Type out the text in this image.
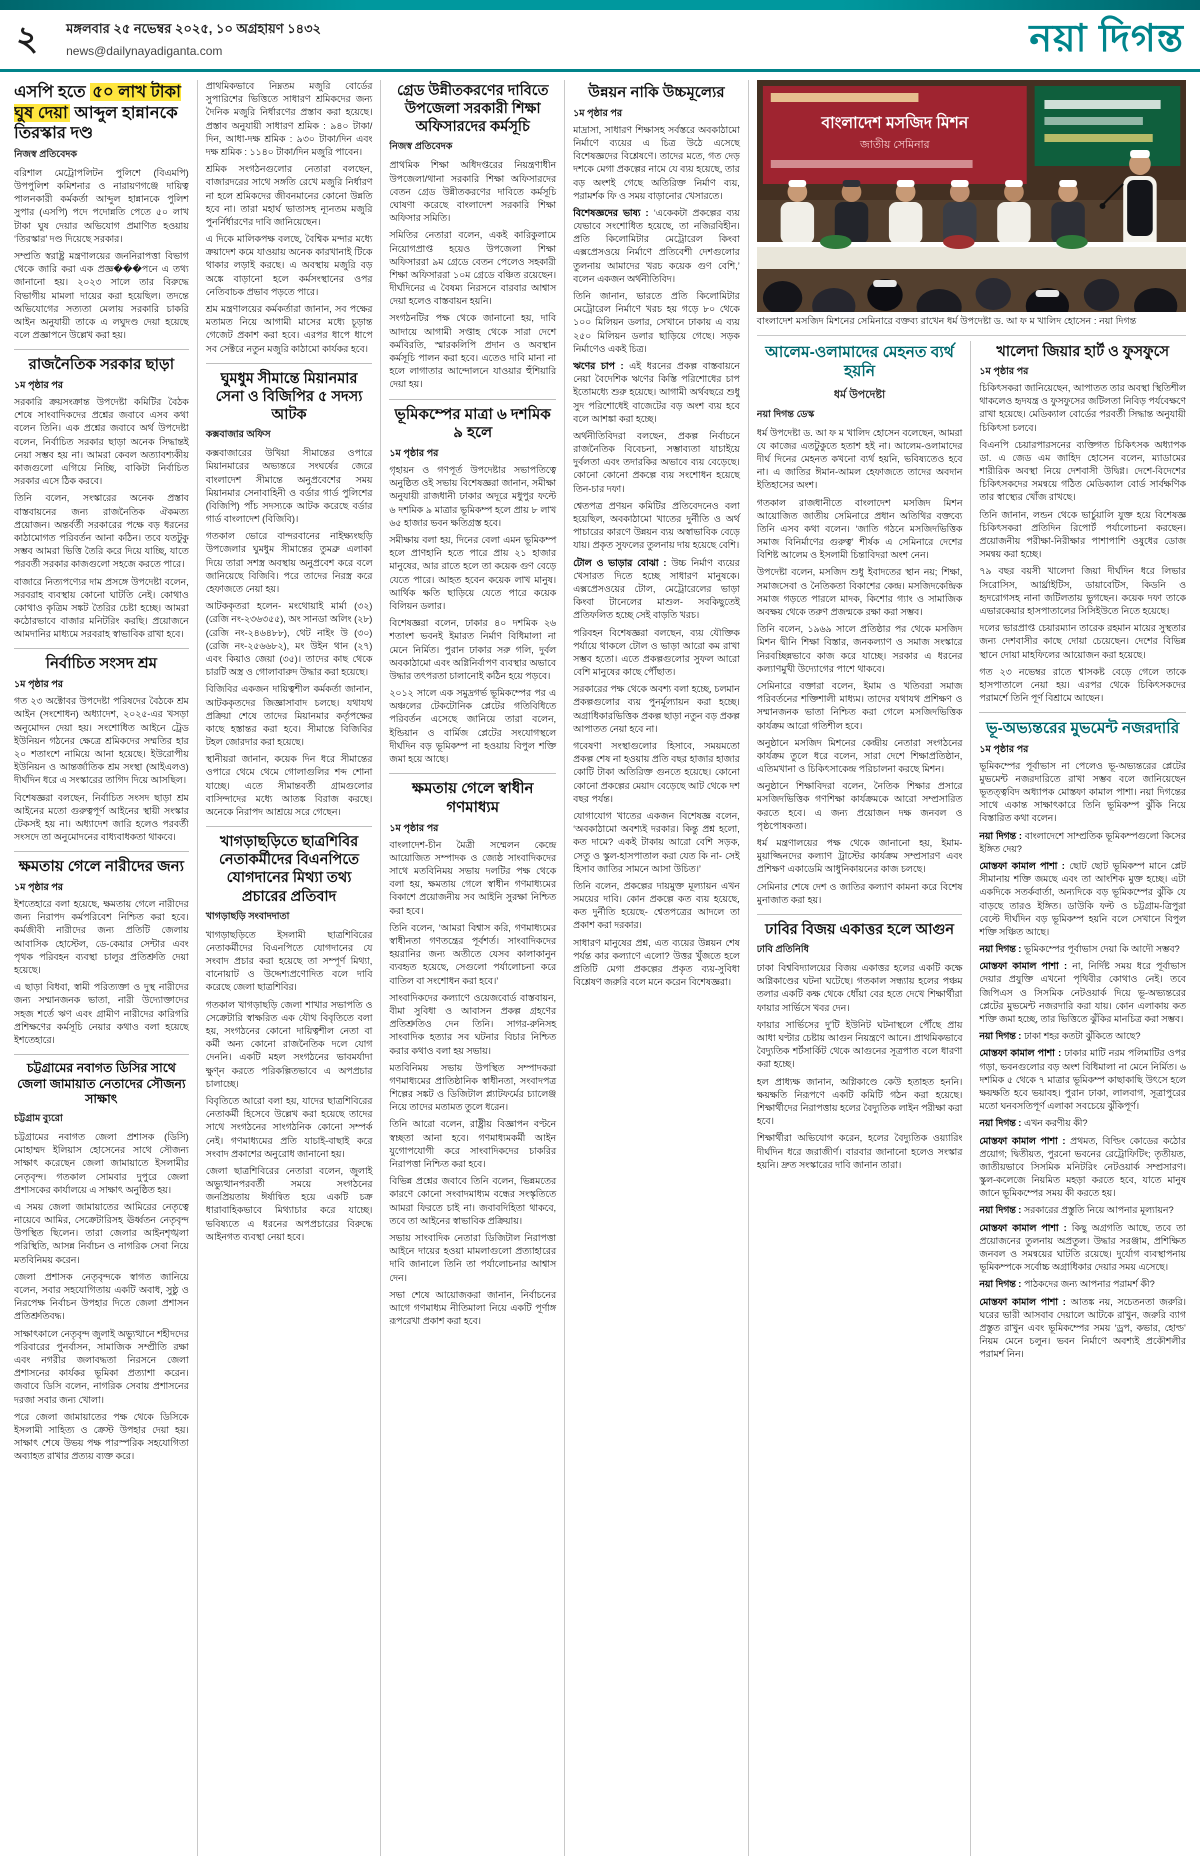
২ মঙ্গলবার ২৫ নভেম্বর ২০২৫, ১০ অগ্রহায়ণ ১৪৩২
news@dailynayadiganta.com	নয়া দিগন্ত
এসপি হতে ৫০ লাখ টাকা ঘুষ দেয়া আব্দুল হান্নানকে তিরস্কার দণ্ড
নিজস্ব প্রতিবেদক

বরিশাল মেট্রোপলিটন পুলিশে (বিএমপি) উপপুলিশ কমিশনার ও নারায়ণগঞ্জে দায়িত্ব পালনকারী কর্মকর্তা আব্দুল হান্নানকে পুলিশ সুপার (এসপি) পদে পদোন্নতি পেতে ৫০ লাখ টাকা ঘুষ দেয়ার অভিযোগ প্রমাণিত হওয়ায় ‘তিরস্কার’ দণ্ড দিয়েছে সরকার।

সম্প্রতি স্বরাষ্ট্র মন্ত্রণালয়ের জননিরাপত্তা বিভাগ থেকে জারি করা এক প্রজ্ঞ���পনে এ তথ্য জানানো হয়। ২০২৩ সালে তার বিরুদ্ধে বিভাগীয় মামলা দায়ের করা হয়েছিল। তদন্তে অভিযোগের সত্যতা মেলায় সরকারি চাকরি আইন অনুযায়ী তাকে এ লঘুদণ্ড দেয়া হয়েছে বলে প্রজ্ঞাপনে উল্লেখ করা হয়।

রাজনৈতিক সরকার ছাড়া
১ম পৃষ্ঠার পর

সরকারি ক্রয়সংক্রান্ত উপদেষ্টা কমিটির বৈঠক শেষে সাংবাদিকদের প্রশ্নের জবাবে এসব কথা বলেন তিনি। এক প্রশ্নের জবাবে অর্থ উপদেষ্টা বলেন, নির্বাচিত সরকার ছাড়া অনেক সিদ্ধান্তই নেয়া সম্ভব হয় না। আমরা কেবল অত্যাবশ্যকীয় কাজগুলো এগিয়ে নিচ্ছি, বাকিটা নির্বাচিত সরকার এসে ঠিক করবে।

তিনি বলেন, সংস্কারের অনেক প্রস্তাব বাস্তবায়নের জন্য রাজনৈতিক ঐকমত্য প্রয়োজন। অন্তর্বর্তী সরকারের পক্ষে বড় ধরনের কাঠামোগত পরিবর্তন আনা কঠিন। তবে যতটুকু সম্ভব আমরা ভিত্তি তৈরি করে দিয়ে যাচ্ছি, যাতে পরবর্তী সরকার কাজগুলো সহজে করতে পারে।

বাজারে নিত্যপণ্যের দাম প্রসঙ্গে উপদেষ্টা বলেন, সরবরাহ ব্যবস্থায় কোনো ঘাটতি নেই। কোথাও কোথাও কৃত্রিম সঙ্কট তৈরির চেষ্টা হচ্ছে। আমরা কঠোরভাবে বাজার মনিটরিং করছি। প্রয়োজনে আমদানির মাধ্যমে সরবরাহ স্বাভাবিক রাখা হবে।

নির্বাচিত সংসদ শ্রম
১ম পৃষ্ঠার পর

গত ২৩ অক্টোবর উপদেষ্টা পরিষদের বৈঠকে শ্রম আইন (সংশোধন) অধ্যাদেশ, ২০২৫-এর খসড়া অনুমোদন দেয়া হয়। সংশোধিত আইনে ট্রেড ইউনিয়ন গঠনের ক্ষেত্রে শ্রমিকদের সম্মতির হার ২০ শতাংশে নামিয়ে আনা হয়েছে। ইউরোপীয় ইউনিয়ন ও আন্তর্জাতিক শ্রম সংস্থা (আইএলও) দীর্ঘদিন ধরে এ সংস্কারের তাগিদ দিয়ে আসছিল।

বিশেষজ্ঞরা বলছেন, নির্বাচিত সংসদ ছাড়া শ্রম আইনের মতো গুরুত্বপূর্ণ আইনের স্থায়ী সংস্কার টেকসই হয় না। অধ্যাদেশ জারি হলেও পরবর্তী সংসদে তা অনুমোদনের বাধ্যবাধকতা থাকবে।

ক্ষমতায় গেলে নারীদের জন্য
১ম পৃষ্ঠার পর

ইশতেহারে বলা হয়েছে, ক্ষমতায় গেলে নারীদের জন্য নিরাপদ কর্মপরিবেশ নিশ্চিত করা হবে। কর্মজীবী নারীদের জন্য প্রতিটি জেলায় আবাসিক হোস্টেল, ডে-কেয়ার সেন্টার এবং পৃথক পরিবহন ব্যবস্থা চালুর প্রতিশ্রুতি দেয়া হয়েছে।

এ ছাড়া বিধবা, স্বামী পরিত্যক্তা ও দুস্থ নারীদের জন্য সম্মানজনক ভাতা, নারী উদ্যোক্তাদের সহজ শর্তে ঋণ এবং গ্রামীণ নারীদের কারিগরি প্রশিক্ষণের কর্মসূচি নেয়ার কথাও বলা হয়েছে ইশতেহারে।

চট্টগ্রামের নবাগত ডিসির সাথে জেলা জামায়াত নেতাদের সৌজন্য সাক্ষাৎ
চট্টগ্রাম ব্যুরো

চট্টগ্রামের নবাগত জেলা প্রশাসক (ডিসি) মোহাম্মদ ইলিয়াস হোসেনের সাথে সৌজন্য সাক্ষাৎ করেছেন জেলা জামায়াতে ইসলামীর নেতৃবৃন্দ। গতকাল সোমবার দুপুরে জেলা প্রশাসকের কার্যালয়ে এ সাক্ষাৎ অনুষ্ঠিত হয়।

এ সময় জেলা জামায়াতের আমিরের নেতৃত্বে নায়েবে আমির, সেক্রেটারিসহ ঊর্ধ্বতন নেতৃবৃন্দ উপস্থিত ছিলেন। তারা জেলার আইনশৃঙ্খলা পরিস্থিতি, আসন্ন নির্বাচন ও নাগরিক সেবা নিয়ে মতবিনিময় করেন।

জেলা প্রশাসক নেতৃবৃন্দকে স্বাগত জানিয়ে বলেন, সবার সহযোগিতায় একটি অবাধ, সুষ্ঠু ও নিরপেক্ষ নির্বাচন উপহার দিতে জেলা প্রশাসন প্রতিশ্রুতিবদ্ধ।

সাক্ষাৎকালে নেতৃবৃন্দ জুলাই অভ্যুত্থানে শহীদদের পরিবারের পুনর্বাসন, সামাজিক সম্প্রীতি রক্ষা এবং নগরীর জলাবদ্ধতা নিরসনে জেলা প্রশাসনের কার্যকর ভূমিকা প্রত্যাশা করেন। জবাবে ডিসি বলেন, নাগরিক সেবায় প্রশাসনের দরজা সবার জন্য খোলা।

পরে জেলা জামায়াতের পক্ষ থেকে ডিসিকে ইসলামী সাহিত্য ও ক্রেস্ট উপহার দেয়া হয়। সাক্ষাৎ শেষে উভয় পক্ষ পারস্পরিক সহযোগিতা অব্যাহত রাখার প্রত্যয় ব্যক্ত করে।

প্রাথমিকভাবে নিম্নতম মজুরি বোর্ডের সুপারিশের ভিত্তিতে সাধারণ শ্রমিকদের জন্য দৈনিক মজুরি নির্ধারণের প্রস্তাব করা হয়েছে। প্রস্তাব অনুযায়ী সাধারণ শ্রমিক : ৯৪০ টাকা/দিন, আধা-দক্ষ শ্রমিক : ৯৩০ টাকা/দিন এবং দক্ষ শ্রমিক : ১১৪০ টাকা/দিন মজুরি পাবেন।

শ্রমিক সংগঠনগুলোর নেতারা বলছেন, বাজারদরের সাথে সঙ্গতি রেখে মজুরি নির্ধারণ না হলে শ্রমিকদের জীবনমানের কোনো উন্নতি হবে না। তারা মহার্ঘ ভাতাসহ ন্যূনতম মজুরি পুনর্নির্ধারণের দাবি জানিয়েছেন।

এ দিকে মালিকপক্ষ বলছে, বৈশ্বিক মন্দার মধ্যে ক্রয়াদেশ কমে যাওয়ায় অনেক কারখানাই টিকে থাকার লড়াই করছে। এ অবস্থায় মজুরি বড় অঙ্কে বাড়ানো হলে কর্মসংস্থানের ওপর নেতিবাচক প্রভাব পড়তে পারে।

শ্রম মন্ত্রণালয়ের কর্মকর্তারা জানান, সব পক্ষের মতামত নিয়ে আগামী মাসের মধ্যে চূড়ান্ত গেজেট প্রকাশ করা হবে। এরপর ধাপে ধাপে সব সেক্টরে নতুন মজুরি কাঠামো কার্যকর হবে।

ঘুমধুম সীমান্তে মিয়ানমার সেনা ও বিজিপির ৫ সদস্য আটক
কক্সবাজার অফিস

কক্সবাজারের উখিয়া সীমান্তের ওপারে মিয়ানমারের অভ্যন্তরে সংঘর্ষের জেরে বাংলাদেশ সীমান্তে অনুপ্রবেশের সময় মিয়ানমার সেনাবাহিনী ও বর্ডার গার্ড পুলিশের (বিজিপি) পাঁচ সদস্যকে আটক করেছে বর্ডার গার্ড বাংলাদেশ (বিজিবি)।

গতকাল ভোরে বান্দরবানের নাইক্ষ্যংছড়ি উপজেলার ঘুমধুম সীমান্তের তুমব্রু এলাকা দিয়ে তারা সশস্ত্র অবস্থায় অনুপ্রবেশ করে বলে জানিয়েছে বিজিবি। পরে তাদের নিরস্ত্র করে হেফাজতে নেয়া হয়।

আটককৃতরা হলেন- মংথোয়াই মার্মা (৩২) (রেজি নং-২৩৬৩৫৫), অং সানডা অলিং (২৮) (রেজি নং-২৪৬৪৮৮), থেট নাইং উ (৩০) (রেজি নং-২৫৬৬৮২), মং উইন থান (২৭) এবং কিয়াও জেয়া (৩৫)। তাদের কাছ থেকে চারটি অস্ত্র ও গোলাবারুদ উদ্ধার করা হয়েছে।

বিজিবির একজন দায়িত্বশীল কর্মকর্তা জানান, আটককৃতদের জিজ্ঞাসাবাদ চলছে। যথাযথ প্রক্রিয়া শেষে তাদের মিয়ানমার কর্তৃপক্ষের কাছে হস্তান্তর করা হবে। সীমান্তে বিজিবির টহল জোরদার করা হয়েছে।

স্থানীয়রা জানান, কয়েক দিন ধরে সীমান্তের ওপারে থেমে থেমে গোলাগুলির শব্দ শোনা যাচ্ছে। এতে সীমান্তবর্তী গ্রামগুলোর বাসিন্দাদের মধ্যে আতঙ্ক বিরাজ করছে। অনেকে নিরাপদ আশ্রয়ে সরে গেছেন।

খাগড়াছড়িতে ছাত্রশিবির নেতাকর্মীদের বিএনপিতে যোগদানের মিথ্যা তথ্য প্রচারের প্রতিবাদ
খাগড়াছড়ি সংবাদদাতা

খাগড়াছড়িতে ইসলামী ছাত্রশিবিরের নেতাকর্মীদের বিএনপিতে যোগদানের যে সংবাদ প্রচার করা হয়েছে তা সম্পূর্ণ মিথ্যা, বানোয়াট ও উদ্দেশ্যপ্রণোদিত বলে দাবি করেছে জেলা ছাত্রশিবির।

গতকাল খাগড়াছড়ি জেলা শাখার সভাপতি ও সেক্রেটারি স্বাক্ষরিত এক যৌথ বিবৃতিতে বলা হয়, সংগঠনের কোনো দায়িত্বশীল নেতা বা কর্মী অন্য কোনো রাজনৈতিক দলে যোগ দেননি। একটি মহল সংগঠনের ভাবমর্যাদা ক্ষুণ্ন করতে পরিকল্পিতভাবে এ অপপ্রচার চালাচ্ছে।

বিবৃতিতে আরো বলা হয়, যাদের ছাত্রশিবিরের নেতাকর্মী হিসেবে উল্লেখ করা হয়েছে তাদের সাথে সংগঠনের সাংগঠনিক কোনো সম্পর্ক নেই। গণমাধ্যমের প্রতি যাচাই-বাছাই করে সংবাদ প্রকাশের অনুরোধ জানানো হয়।

জেলা ছাত্রশিবিরের নেতারা বলেন, জুলাই অভ্যুত্থানপরবর্তী সময়ে সংগঠনের জনপ্রিয়তায় ঈর্ষান্বিত হয়ে একটি চক্র ধারাবাহিকভাবে মিথ্যাচার করে যাচ্ছে। ভবিষ্যতে এ ধরনের অপপ্রচারের বিরুদ্ধে আইনগত ব্যবস্থা নেয়া হবে।

গ্রেড উন্নীতকরণের দাবিতে উপজেলা সরকারী শিক্ষা অফিসারদের কর্মসূচি
নিজস্ব প্রতিবেদক

প্রাথমিক শিক্ষা অধিদপ্তরের নিয়ন্ত্রণাধীন উপজেলা/থানা সরকারি শিক্ষা অফিসারদের বেতন গ্রেড উন্নীতকরণের দাবিতে কর্মসূচি ঘোষণা করেছে বাংলাদেশ সরকারি শিক্ষা অফিসার সমিতি।

সমিতির নেতারা বলেন, একই কারিকুলামে নিয়োগপ্রাপ্ত হয়েও উপজেলা শিক্ষা অফিসাররা ৯ম গ্রেডে বেতন পেলেও সহকারী শিক্ষা অফিসাররা ১০ম গ্রেডে বঞ্চিত রয়েছেন। দীর্ঘদিনের এ বৈষম্য নিরসনে বারবার আশ্বাস দেয়া হলেও বাস্তবায়ন হয়নি।

সংগঠনটির পক্ষ থেকে জানানো হয়, দাবি আদায়ে আগামী সপ্তাহ থেকে সারা দেশে কর্মবিরতি, স্মারকলিপি প্রদান ও অবস্থান কর্মসূচি পালন করা হবে। এতেও দাবি মানা না হলে লাগাতার আন্দোলনে যাওয়ার হুঁশিয়ারি দেয়া হয়।

ভূমিকম্পের মাত্রা ৬ দশমিক ৯ হলে
১ম পৃষ্ঠার পর

গৃহায়ন ও গণপূর্ত উপদেষ্টার সভাপতিত্বে অনুষ্ঠিত ওই সভায় বিশেষজ্ঞরা জানান, সমীক্ষা অনুযায়ী রাজধানী ঢাকার অদূরে মধুপুর ফল্টে ৬ দশমিক ৯ মাত্রার ভূমিকম্প হলে প্রায় ৮ লাখ ৬৫ হাজার ভবন ক্ষতিগ্রস্ত হবে।

সমীক্ষায় বলা হয়, দিনের বেলা এমন ভূমিকম্প হলে প্রাণহানি হতে পারে প্রায় ২১ হাজার মানুষের, আর রাতে হলে তা কয়েক গুণ বেড়ে যেতে পারে। আহত হবেন কয়েক লাখ মানুষ। আর্থিক ক্ষতি ছাড়িয়ে যেতে পারে কয়েক বিলিয়ন ডলার।

বিশেষজ্ঞরা বলেন, ঢাকার ৪০ দশমিক ২৬ শতাংশ ভবনই ইমারত নির্মাণ বিধিমালা না মেনে নির্মিত। পুরান ঢাকার সরু গলি, দুর্বল অবকাঠামো এবং অগ্নিনির্বাপণ ব্যবস্থার অভাবে উদ্ধার তৎপরতা চালানোই কঠিন হয়ে পড়বে।

২০১২ সালে এক সমুদ্রগর্ভ ভূমিকম্পের পর এ অঞ্চলের টেকটোনিক প্লেটের গতিবিধিতে পরিবর্তন এসেছে জানিয়ে তারা বলেন, ইন্ডিয়ান ও বার্মিজ প্লেটের সংযোগস্থলে দীর্ঘদিন বড় ভূমিকম্প না হওয়ায় বিপুল শক্তি জমা হয়ে আছে।

ক্ষমতায় গেলে স্বাধীন গণমাধ্যম
১ম পৃষ্ঠার পর

বাংলাদেশ-চীন মৈত্রী সম্মেলন কেন্দ্রে আয়োজিত সম্পাদক ও জ্যেষ্ঠ সাংবাদিকদের সাথে মতবিনিময় সভায় দলটির পক্ষ থেকে বলা হয়, ক্ষমতায় গেলে স্বাধীন গণমাধ্যমের বিকাশে প্রয়োজনীয় সব আইনি সুরক্ষা নিশ্চিত করা হবে।

তিনি বলেন, ‘আমরা বিশ্বাস করি, গণমাধ্যমের স্বাধীনতা গণতন্ত্রের পূর্বশর্ত। সাংবাদিকদের হয়রানির জন্য অতীতে যেসব কালাকানুন ব্যবহৃত হয়েছে, সেগুলো পর্যালোচনা করে বাতিল বা সংশোধন করা হবে।’

সাংবাদিকদের কল্যাণে ওয়েজবোর্ড বাস্তবায়ন, বীমা সুবিধা ও আবাসন প্রকল্প গ্রহণের প্রতিশ্রুতিও দেন তিনি। সাগর-রুনিসহ সাংবাদিক হত্যার সব ঘটনার বিচার নিশ্চিত করার কথাও বলা হয় সভায়।

মতবিনিময় সভায় উপস্থিত সম্পাদকরা গণমাধ্যমের প্রাতিষ্ঠানিক স্বাধীনতা, সংবাদপত্র শিল্পের সঙ্কট ও ডিজিটাল প্ল্যাটফর্মের চ্যালেঞ্জ নিয়ে তাদের মতামত তুলে ধরেন।

তিনি আরো বলেন, রাষ্ট্রীয় বিজ্ঞাপন বণ্টনে স্বচ্ছতা আনা হবে। গণমাধ্যমকর্মী আইন যুগোপযোগী করে সাংবাদিকদের চাকরির নিরাপত্তা নিশ্চিত করা হবে।

বিভিন্ন প্রশ্নের জবাবে তিনি বলেন, ভিন্নমতের কারণে কোনো সংবাদমাধ্যম বন্ধের সংস্কৃতিতে আমরা ফিরতে চাই না। জবাবদিহিতা থাকবে, তবে তা আইনের স্বাভাবিক প্রক্রিয়ায়।

সভায় সাংবাদিক নেতারা ডিজিটাল নিরাপত্তা আইনে দায়ের হওয়া মামলাগুলো প্রত্যাহারের দাবি জানালে তিনি তা পর্যালোচনার আশ্বাস দেন।

সভা শেষে আয়োজকরা জানান, নির্বাচনের আগে গণমাধ্যম নীতিমালা নিয়ে একটি পূর্ণাঙ্গ রূপরেখা প্রকাশ করা হবে।

উন্নয়ন নাকি উচ্চমূল্যের
১ম পৃষ্ঠার পর

মাদ্রাসা, সাধারণ শিক্ষাসহ সর্বস্তরে অবকাঠামো নির্মাণে ব্যয়ের এ চিত্র উঠে এসেছে বিশেষজ্ঞদের বিশ্লেষণে। তাদের মতে, গত দেড় দশকে মেগা প্রকল্পের নামে যে ব্যয় হয়েছে, তার বড় অংশই গেছে অতিরিক্ত নির্মাণ ব্যয়, পরামর্শক ফি ও সময় বাড়ানোর খেসারতে।

বিশেষজ্ঞদের ভাষ্য : ‘একেকটা প্রকল্পের ব্যয় যেভাবে সংশোধিত হয়েছে, তা নজিরবিহীন। প্রতি কিলোমিটার মেট্রোরেল কিংবা এক্সপ্রেসওয়ে নির্মাণে প্রতিবেশী দেশগুলোর তুলনায় আমাদের খরচ কয়েক গুণ বেশি,’ বলেন একজন অর্থনীতিবিদ।

তিনি জানান, ভারতে প্রতি কিলোমিটার মেট্রোরেল নির্মাণে খরচ হয় গড়ে ৮০ থেকে ১০০ মিলিয়ন ডলার, সেখানে ঢাকায় এ ব্যয় ২৫০ মিলিয়ন ডলার ছাড়িয়ে গেছে। সড়ক নির্মাণেও একই চিত্র।

ঋণের চাপ : এই ধরনের প্রকল্প বাস্তবায়নে নেয়া বৈদেশিক ঋণের কিস্তি পরিশোধের চাপ ইতোমধ্যে শুরু হয়েছে। আগামী অর্থবছরে শুধু সুদ পরিশোধেই বাজেটের বড় অংশ ব্যয় হবে বলে আশঙ্কা করা হচ্ছে।

অর্থনীতিবিদরা বলছেন, প্রকল্প নির্বাচনে রাজনৈতিক বিবেচনা, সম্ভাব্যতা যাচাইয়ে দুর্বলতা এবং তদারকির অভাবে ব্যয় বেড়েছে। কোনো কোনো প্রকল্পে ব্যয় সংশোধন হয়েছে তিন-চার দফা।

শ্বেতপত্র প্রণয়ন কমিটির প্রতিবেদনেও বলা হয়েছিল, অবকাঠামো খাতের দুর্নীতি ও অর্থ পাচারের কারণে উন্নয়ন ব্যয় অস্বাভাবিক বেড়ে যায়। প্রকৃত সুফলের তুলনায় দায় হয়েছে বেশি।

টোল ও ভাড়ার বোঝা : উচ্চ নির্মাণ ব্যয়ের খেসারত দিতে হচ্ছে সাধারণ মানুষকে। এক্সপ্রেসওয়ের টোল, মেট্রোরেলের ভাড়া কিংবা টানেলের মাশুল- সবকিছুতেই প্রতিফলিত হচ্ছে সেই বাড়তি খরচ।

পরিবহন বিশেষজ্ঞরা বলছেন, ব্যয় যৌক্তিক পর্যায়ে থাকলে টোল ও ভাড়া আরো কম রাখা সম্ভব হতো। এতে প্রকল্পগুলোর সুফল আরো বেশি মানুষের কাছে পৌঁছাত।

সরকারের পক্ষ থেকে অবশ্য বলা হচ্ছে, চলমান প্রকল্পগুলোর ব্যয় পুনর্মূল্যায়ন করা হচ্ছে। অগ্রাধিকারভিত্তিক প্রকল্প ছাড়া নতুন বড় প্রকল্প আপাতত নেয়া হবে না।

গবেষণা সংস্থাগুলোর হিসাবে, সময়মতো প্রকল্প শেষ না হওয়ায় প্রতি বছর হাজার হাজার কোটি টাকা অতিরিক্ত গুনতে হয়েছে। কোনো কোনো প্রকল্পের মেয়াদ বেড়েছে আট থেকে দশ বছর পর্যন্ত।

যোগাযোগ খাতের একজন বিশেষজ্ঞ বলেন, ‘অবকাঠামো অবশ্যই দরকার। কিন্তু প্রশ্ন হলো, কত দামে? একই টাকায় আরো বেশি সড়ক, সেতু ও স্কুল-হাসপাতাল করা যেত কি না- সেই হিসাব জাতির সামনে আসা উচিত।’

তিনি বলেন, প্রকল্পের দায়মুক্ত মূল্যায়ন এখন সময়ের দাবি। কোন প্রকল্পে কত ব্যয় হয়েছে, কত দুর্নীতি হয়েছে- শ্বেতপত্রের আদলে তা প্রকাশ করা দরকার।

সাধারণ মানুষের প্রশ্ন, এত ব্যয়ের উন্নয়ন শেষ পর্যন্ত কার কল্যাণে এলো? উত্তর খুঁজতে হলে প্রতিটি মেগা প্রকল্পের প্রকৃত ব্যয়-সুবিধা বিশ্লেষণ জরুরি বলে মনে করেন বিশেষজ্ঞরা।

বাংলাদেশ মসজিদ মিশন
জাতীয় সেমিনার
বাংলাদেশ মসজিদ মিশনের সেমিনারে বক্তব্য রাখেন ধর্ম উপদেষ্টা ড. আ ফ ম খালিদ হোসেন : নয়া দিগন্ত
আলেম-ওলামাদের মেহনত ব্যর্থ হয়নি
ধর্ম উপদেষ্টা
নয়া দিগন্ত ডেস্ক

ধর্ম উপদেষ্টা ড. আ ফ ম খালিদ হোসেন বলেছেন, আমরা যে কাজের এতটুকুতে হতাশ হই না। আলেম-ওলামাদের দীর্ঘ দিনের মেহনত কখনো ব্যর্থ হয়নি, ভবিষ্যতেও হবে না। এ জাতির ঈমান-আমল হেফাজতে তাদের অবদান ইতিহাসের অংশ।

গতকাল রাজধানীতে বাংলাদেশ মসজিদ মিশন আয়োজিত জাতীয় সেমিনারে প্রধান অতিথির বক্তব্যে তিনি এসব কথা বলেন। ‘জাতি গঠনে মসজিদভিত্তিক সমাজ বিনির্মাণের গুরুত্ব’ শীর্ষক এ সেমিনারে দেশের বিশিষ্ট আলেম ও ইসলামী চিন্তাবিদরা অংশ নেন।

উপদেষ্টা বলেন, মসজিদ শুধু ইবাদতের স্থান নয়; শিক্ষা, সমাজসেবা ও নৈতিকতা বিকাশের কেন্দ্র। মসজিদকেন্দ্রিক সমাজ গড়তে পারলে মাদক, কিশোর গ্যাং ও সামাজিক অবক্ষয় থেকে তরুণ প্রজন্মকে রক্ষা করা সম্ভব।

তিনি বলেন, ১৯৬৯ সালে প্রতিষ্ঠার পর থেকে মসজিদ মিশন দ্বীনি শিক্ষা বিস্তার, জনকল্যাণ ও সমাজ সংস্কারে নিরবচ্ছিন্নভাবে কাজ করে যাচ্ছে। সরকার এ ধরনের কল্যাণমুখী উদ্যোগের পাশে থাকবে।

সেমিনারে বক্তারা বলেন, ইমাম ও খতিবরা সমাজ পরিবর্তনের শক্তিশালী মাধ্যম। তাদের যথাযথ প্রশিক্ষণ ও সম্মানজনক ভাতা নিশ্চিত করা গেলে মসজিদভিত্তিক কার্যক্রম আরো গতিশীল হবে।

অনুষ্ঠানে মসজিদ মিশনের কেন্দ্রীয় নেতারা সংগঠনের কার্যক্রম তুলে ধরে বলেন, সারা দেশে শিক্ষাপ্রতিষ্ঠান, এতিমখানা ও চিকিৎসাকেন্দ্র পরিচালনা করছে মিশন।

অনুষ্ঠানে শিক্ষাবিদরা বলেন, নৈতিক শিক্ষার প্রসারে মসজিদভিত্তিক গণশিক্ষা কার্যক্রমকে আরো সম্প্রসারিত করতে হবে। এ জন্য প্রয়োজন দক্ষ জনবল ও পৃষ্ঠপোষকতা।

ধর্ম মন্ত্রণালয়ের পক্ষ থেকে জানানো হয়, ইমাম-মুয়াজ্জিনদের কল্যাণ ট্রাস্টের কার্যক্রম সম্প্রসারণ এবং প্রশিক্ষণ একাডেমি আধুনিকায়নের কাজ চলছে।

সেমিনার শেষে দেশ ও জাতির কল্যাণ কামনা করে বিশেষ মুনাজাত করা হয়।

ঢাবির বিজয় একাত্তর হলে আগুন
ঢাবি প্রতিনিধি

ঢাকা বিশ্ববিদ্যালয়ের বিজয় একাত্তর হলের একটি কক্ষে অগ্নিকাণ্ডের ঘটনা ঘটেছে। গতকাল সন্ধ্যায় হলের পঞ্চম তলার একটি কক্ষ থেকে ধোঁয়া বের হতে দেখে শিক্ষার্থীরা ফায়ার সার্ভিসে খবর দেন।

ফায়ার সার্ভিসের দু'টি ইউনিট ঘটনাস্থলে পৌঁছে প্রায় আধা ঘণ্টার চেষ্টায় আগুন নিয়ন্ত্রণে আনে। প্রাথমিকভাবে বৈদ্যুতিক শর্টসার্কিট থেকে আগুনের সূত্রপাত বলে ধারণা করা হচ্ছে।

হল প্রাধ্যক্ষ জানান, অগ্নিকাণ্ডে কেউ হতাহত হননি। ক্ষয়ক্ষতি নিরূপণে একটি কমিটি গঠন করা হয়েছে। শিক্ষার্থীদের নিরাপত্তায় হলের বৈদ্যুতিক লাইন পরীক্ষা করা হবে।

শিক্ষার্থীরা অভিযোগ করেন, হলের বৈদ্যুতিক ওয়্যারিং দীর্ঘদিন ধরে জরাজীর্ণ। বারবার জানানো হলেও সংস্কার হয়নি। দ্রুত সংস্কারের দাবি জানান তারা।

খালেদা জিয়ার হার্ট ও ফুসফুসে
১ম পৃষ্ঠার পর

চিকিৎসকরা জানিয়েছেন, আপাতত তার অবস্থা স্থিতিশীল থাকলেও হৃদযন্ত্র ও ফুসফুসের জটিলতা নিবিড় পর্যবেক্ষণে রাখা হয়েছে। মেডিক্যাল বোর্ডের পরবর্তী সিদ্ধান্ত অনুযায়ী চিকিৎসা চলবে।

বিএনপি চেয়ারপারসনের ব্যক্তিগত চিকিৎসক অধ্যাপক ডা. এ জেড এম জাহিদ হোসেন বলেন, ম্যাডামের শারীরিক অবস্থা নিয়ে দেশবাসী উদ্বিগ্ন। দেশে-বিদেশের চিকিৎসকদের সমন্বয়ে গঠিত মেডিক্যাল বোর্ড সার্বক্ষণিক তার স্বাস্থ্যের খোঁজ রাখছে।

তিনি জানান, লন্ডন থেকে ভার্চুয়ালি যুক্ত হয়ে বিশেষজ্ঞ চিকিৎসকরা প্রতিদিন রিপোর্ট পর্যালোচনা করছেন। প্রয়োজনীয় পরীক্ষা-নিরীক্ষার পাশাপাশি ওষুধের ডোজ সমন্বয় করা হচ্ছে।

৭৯ বছর বয়সী খালেদা জিয়া দীর্ঘদিন ধরে লিভার সিরোসিস, আর্থ্রাইটিস, ডায়াবেটিস, কিডনি ও হৃদরোগসহ নানা জটিলতায় ভুগছেন। কয়েক দফা তাকে এভারকেয়ার হাসপাতালের সিসিইউতে নিতে হয়েছে।

দলের ভারপ্রাপ্ত চেয়ারম্যান তারেক রহমান মায়ের সুস্থতার জন্য দেশবাসীর কাছে দোয়া চেয়েছেন। দেশের বিভিন্ন স্থানে দোয়া মাহফিলের আয়োজন করা হয়েছে।

গত ২৩ নভেম্বর রাতে শ্বাসকষ্ট বেড়ে গেলে তাকে হাসপাতালে নেয়া হয়। এরপর থেকে চিকিৎসকদের পরামর্শে তিনি পূর্ণ বিশ্রামে আছেন।

ভূ-অভ্যন্তরের মুভমেন্ট নজরদারি
১ম পৃষ্ঠার পর

ভূমিকম্পের পূর্বাভাস না পেলেও ভূ-অভ্যন্তরের প্লেটের মুভমেন্ট নজরদারিতে রাখা সম্ভব বলে জানিয়েছেন ভূতত্ত্ববিদ অধ্যাপক মোস্তফা কামাল পাশা। নয়া দিগন্তের সাথে একান্ত সাক্ষাৎকারে তিনি ভূমিকম্প ঝুঁকি নিয়ে বিস্তারিত কথা বলেন।

নয়া দিগন্ত : বাংলাদেশে সাম্প্রতিক ভূমিকম্পগুলো কিসের ইঙ্গিত দেয়?

মোস্তফা কামাল পাশা : ছোট ছোট ভূমিকম্প মানে প্লেট সীমানায় শক্তি জমছে এবং তা আংশিক মুক্ত হচ্ছে। এটা একদিকে সতর্কবার্তা, অন্যদিকে বড় ভূমিকম্পের ঝুঁকি যে বাড়ছে তারও ইঙ্গিত। ডাউকি ফল্ট ও চট্টগ্রাম-ত্রিপুরা বেল্টে দীর্ঘদিন বড় ভূমিকম্প হয়নি বলে সেখানে বিপুল শক্তি সঞ্চিত আছে।

নয়া দিগন্ত : ভূমিকম্পের পূর্বাভাস দেয়া কি আদৌ সম্ভব?

মোস্তফা কামাল পাশা : না, নির্দিষ্ট সময় ধরে পূর্বাভাস দেয়ার প্রযুক্তি এখনো পৃথিবীর কোথাও নেই। তবে জিপিএস ও সিসমিক নেটওয়ার্ক দিয়ে ভূ-অভ্যন্তরের প্লেটের মুভমেন্ট নজরদারি করা যায়। কোন এলাকায় কত শক্তি জমা হচ্ছে, তার ভিত্তিতে ঝুঁকির মানচিত্র করা সম্ভব।

নয়া দিগন্ত : ঢাকা শহর কতটা ঝুঁকিতে আছে?

মোস্তফা কামাল পাশা : ঢাকার মাটি নরম পলিমাটির ওপর গড়া, ভবনগুলোর বড় অংশ বিধিমালা না মেনে নির্মিত। ৬ দশমিক ৫ থেকে ৭ মাত্রার ভূমিকম্প কাছাকাছি উৎসে হলে ক্ষয়ক্ষতি হবে ভয়াবহ। পুরান ঢাকা, লালবাগ, সূত্রাপুরের মতো ঘনবসতিপূর্ণ এলাকা সবচেয়ে ঝুঁকিপূর্ণ।

নয়া দিগন্ত : এখন করণীয় কী?

মোস্তফা কামাল পাশা : প্রথমত, বিল্ডিং কোডের কঠোর প্রয়োগ; দ্বিতীয়ত, পুরনো ভবনের রেট্রোফিটিং; তৃতীয়ত, জাতীয়ভাবে সিসমিক মনিটরিং নেটওয়ার্ক সম্প্রসারণ। স্কুল-কলেজে নিয়মিত মহড়া করতে হবে, যাতে মানুষ জানে ভূমিকম্পের সময় কী করতে হয়।

নয়া দিগন্ত : সরকারের প্রস্তুতি নিয়ে আপনার মূল্যায়ন?

মোস্তফা কামাল পাশা : কিছু অগ্রগতি আছে, তবে তা প্রয়োজনের তুলনায় অপ্রতুল। উদ্ধার সরঞ্জাম, প্রশিক্ষিত জনবল ও সমন্বয়ের ঘাটতি রয়েছে। দুর্যোগ ব্যবস্থাপনায় ভূমিকম্পকে সর্বোচ্চ অগ্রাধিকার দেয়ার সময় এসেছে।

নয়া দিগন্ত : পাঠকদের জন্য আপনার পরামর্শ কী?

মোস্তফা কামাল পাশা : আতঙ্ক নয়, সচেতনতা জরুরি। ঘরের ভারী আসবাব দেয়ালে আটকে রাখুন, জরুরি ব্যাগ প্রস্তুত রাখুন এবং ভূমিকম্পের সময় ‘ড্রপ, কভার, হোল্ড’ নিয়ম মেনে চলুন। ভবন নির্মাণে অবশ্যই প্রকৌশলীর পরামর্শ নিন।
